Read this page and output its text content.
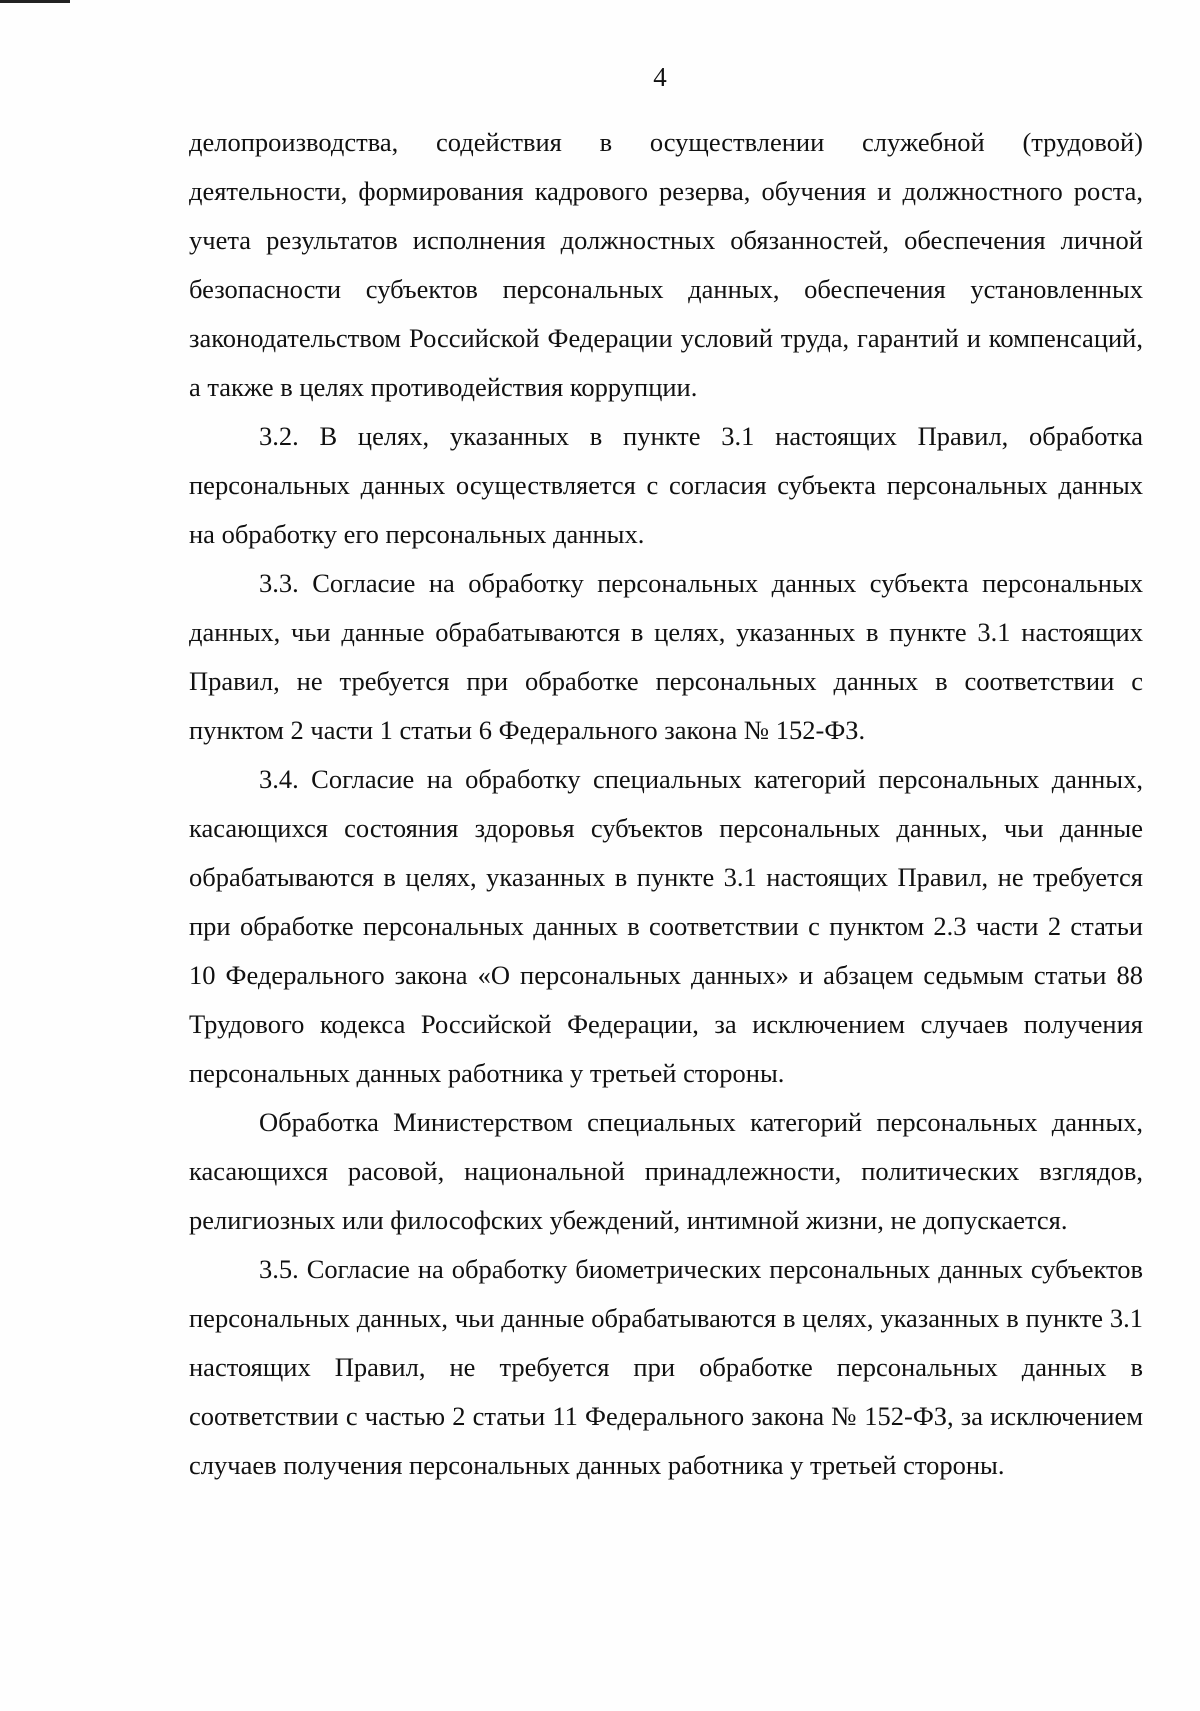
4

делопроизводства, содействия в осуществлении служебной (трудовой) деятельности, формирования кадрового резерва, обучения и должностного роста, учета результатов исполнения должностных обязанностей, обеспечения личной безопасности субъектов персональных данных, обеспечения установленных законодательством Российской Федерации условий труда, гарантий и компенсаций, а также в целях противодействия коррупции.

3.2. В целях, указанных в пункте 3.1 настоящих Правил, обработка персональных данных осуществляется с согласия субъекта персональных данных на обработку его персональных данных.

3.3. Согласие на обработку персональных данных субъекта персональных данных, чьи данные обрабатываются в целях, указанных в пункте 3.1 настоящих Правил, не требуется при обработке персональных данных в соответствии с пунктом 2 части 1 статьи 6 Федерального закона № 152-ФЗ.

3.4. Согласие на обработку специальных категорий персональных данных, касающихся состояния здоровья субъектов персональных данных, чьи данные обрабатываются в целях, указанных в пункте 3.1 настоящих Правил, не требуется при обработке персональных данных в соответствии с пунктом 2.3 части 2 статьи 10 Федерального закона «О персональных данных» и абзацем седьмым статьи 88 Трудового кодекса Российской Федерации, за исключением случаев получения персональных данных работника у третьей стороны.

Обработка Министерством специальных категорий персональных данных, касающихся расовой, национальной принадлежности, политических взглядов, религиозных или философских убеждений, интимной жизни, не допускается.

3.5. Согласие на обработку биометрических персональных данных субъектов персональных данных, чьи данные обрабатываются в целях, указанных в пункте 3.1 настоящих Правил, не требуется при обработке персональных данных в соответствии с частью 2 статьи 11 Федерального закона № 152-ФЗ, за исключением случаев получения персональных данных работника у третьей стороны.
